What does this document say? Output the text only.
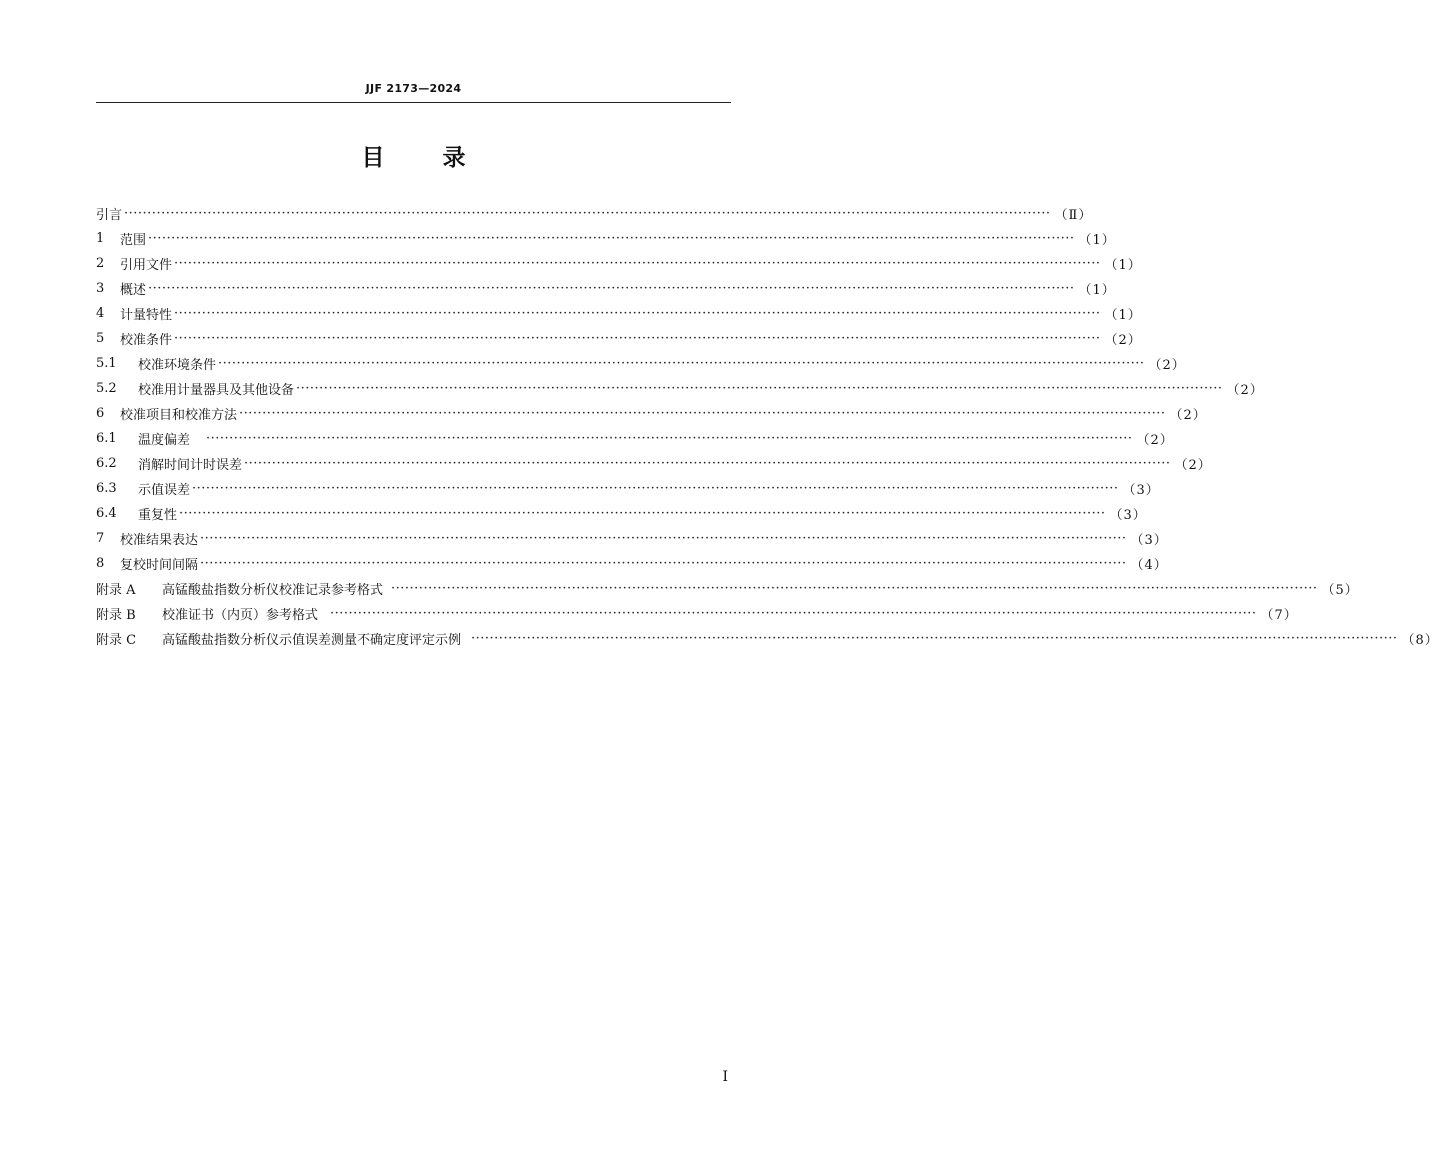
JJF 2173—2024
目录
引言 ········································································································································································································ （Ⅱ）
1	范围 ········································································································································································································ （1）
2	引用文件 ········································································································································································································ （1）
3	概述 ········································································································································································································ （1）
4	计量特性 ········································································································································································································ （1）
5	校准条件 ········································································································································································································ （2）
5.1	校准环境条件 ········································································································································································································ （2）
5.2	校准用计量器具及其他设备 ········································································································································································································ （2）
6	校准项目和校准方法 ········································································································································································································ （2）
6.1	温度偏差 ········································································································································································································ （2）
6.2	消解时间计时误差 ········································································································································································································ （2）
6.3	示值误差 ········································································································································································································ （3）
6.4	重复性 ········································································································································································································ （3）
7	校准结果表达 ········································································································································································································ （3）
8	复校时间间隔 ········································································································································································································ （4）
附录 A	高锰酸盐指数分析仪校准记录参考格式 ········································································································································································································ （5）
附录 B	校准证书（内页）参考格式 ········································································································································································································ （7）
附录 C	高锰酸盐指数分析仪示值误差测量不确定度评定示例 ········································································································································································································ （8）
I
